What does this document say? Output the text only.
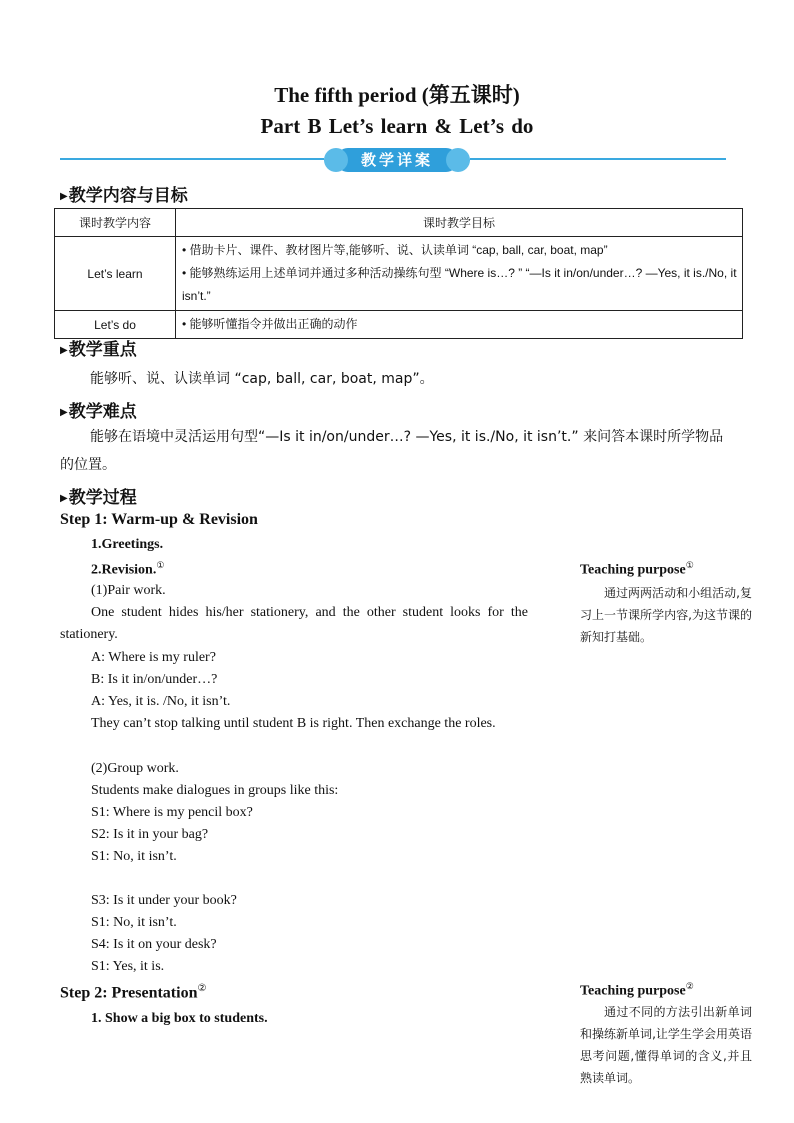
The fifth period (第五课时)
Part B Let’s learn & Let’s do
教学详案
▶教学内容与目标
课时教学内容	课时教学目标
Let’s learn	• 借助卡片、课件、教材图片等,能够听、说、认读单词 “cap, ball, car, boat, map”

• 能够熟练运用上述单词并通过多种活动操练句型 “Where is…? ” “—Is it in/on/under…? —Yes, it is./No, it isn’t.”

Let’s do	• 能够听懂指令并做出正确的动作

▶教学重点
能够听、说、认读单词 “cap, ball, car, boat, map”。
▶教学难点
能够在语境中灵活运用句型“—Is it in/on/under…? —Yes, it is./No, it isn’t.” 来问答本课时所学物品的位置。
▶教学过程
Step 1: Warm-up & Revision
1.Greetings.
2.Revision.①
(1)Pair work.
One student hides his/her stationery, and the other student looks for the stationery.
A: Where is my ruler?
B: Is it in/on/under…?
A: Yes, it is. /No, it isn’t.
They can’t stop talking until student B is right. Then exchange the roles.
(2)Group work.
Students make dialogues in groups like this:
S1: Where is my pencil box?
S2: Is it in your bag?
S1: No, it isn’t.
S3: Is it under your book?
S1: No, it isn’t.
S4: Is it on your desk?
S1: Yes, it is.
Step 2: Presentation②
1. Show a big box to students.
Teaching purpose①
通过两两活动和小组活动,复习上一节课所学内容,为这节课的新知打基础。
Teaching purpose②
通过不同的方法引出新单词和操练新单词,让学生学会用英语思考问题,懂得单词的含义,并且熟读单词。
